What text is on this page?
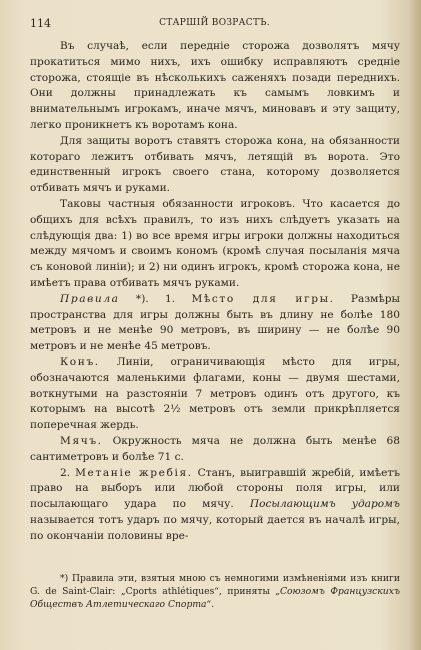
114	СТАРШІЙ ВОЗРАСТЪ.

Въ случаѣ, если переднiе сторожа дозволятъ мячу прокатиться мимо нихъ, ихъ ошибку исправляютъ среднiе сторожа, стоящiе въ нѣсколькихъ саженяхъ позади переднихъ. Они должны принадлежать къ самымъ ловкимъ и внимательнымъ игрокамъ, иначе мячъ, миновавъ и эту защиту, легко проникнетъ къ воротамъ кона.

Для защиты воротъ ставятъ сторожа кона, на обязанности котораго лежитъ отбивать мячъ, летящiй въ ворота. Это единственный игрокъ своего стана, которому дозволяется отбивать мячъ и руками.

Таковы частныя обязанности игроковъ. Что касается до общихъ для всѣхъ правилъ, то изъ нихъ слѣдуетъ указать на слѣдующiя два: 1) во все время игры игроки должны находиться между мячомъ и своимъ кономъ (кромѣ случая посыланiя мяча съ коновой линiи); и 2) ни одинъ игрокъ, кромѣ сторожа кона, не имѣетъ права отбивать мячъ руками.

Правила *). 1. Мѣсто для игры. Размѣры пространства для игры должны быть въ длину не болѣе 180 метровъ и не менѣе 90 метровъ, въ ширину — не болѣе 90 метровъ и не менѣе 45 метровъ.

Конъ. Линiи, ограничивающiя мѣсто для игры, обозначаются маленькими флагами, коны — двумя шестами, воткнутыми на разстоянiи 7 метровъ одинъ отъ другого, къ которымъ на высотѣ 2½ метровъ отъ земли прикрѣпляется поперечная жердь.

Мячъ. Окружность мяча не должна быть менѣе 68 сантиметровъ и болѣе 71 с.

2. Метанiе жребiя. Станъ, выигравшiй жребiй, имѣетъ право на выборъ или любой стороны поля игры, или посылающаго удара по мячу. Посылающимъ ударомъ называется тотъ ударъ по мячу, который дается въ началѣ игры, по окончанiи половины вре-

*) Правила эти, взятыя мною съ немногими измѣненiями изъ книги G. de Saint-Clair: „Cports athlétiques“, приняты „Союзомъ Французскихъ Обществъ Атлетическаго Спорта“.
